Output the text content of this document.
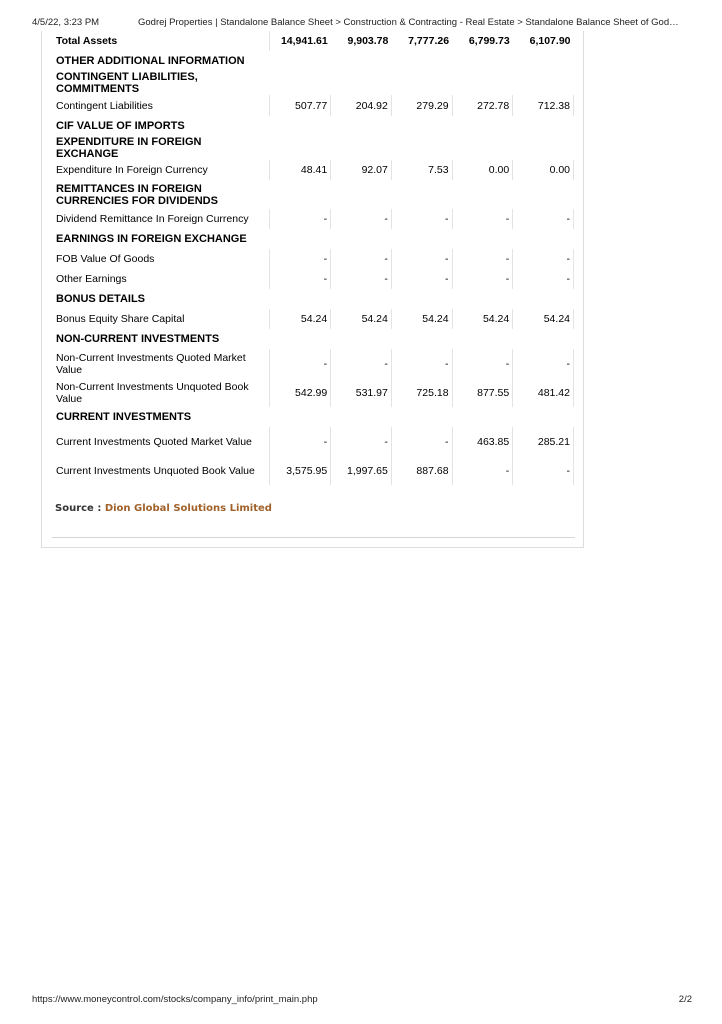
4/5/22, 3:23 PM	Godrej Properties | Standalone Balance Sheet > Construction & Contracting - Real Estate > Standalone Balance Sheet of God…
Total Assets	14,941.61	9,903.78	7,777.26	6,799.73	6,107.90
OTHER ADDITIONAL INFORMATION					
CONTINGENT LIABILITIES, COMMITMENTS					
Contingent Liabilities	507.77	204.92	279.29	272.78	712.38
CIF VALUE OF IMPORTS					
EXPENDITURE IN FOREIGN EXCHANGE					
Expenditure In Foreign Currency	48.41	92.07	7.53	0.00	0.00
REMITTANCES IN FOREIGN CURRENCIES FOR DIVIDENDS					
Dividend Remittance In Foreign Currency	-	-	-	-	-
EARNINGS IN FOREIGN EXCHANGE					
FOB Value Of Goods	-	-	-	-	-
Other Earnings	-	-	-	-	-
BONUS DETAILS					
Bonus Equity Share Capital	54.24	54.24	54.24	54.24	54.24
NON-CURRENT INVESTMENTS					
Non-Current Investments Quoted Market Value	-	-	-	-	-
Non-Current Investments Unquoted Book Value	542.99	531.97	725.18	877.55	481.42
CURRENT INVESTMENTS					
Current Investments Quoted Market Value	-	-	-	463.85	285.21
Current Investments Unquoted Book Value	3,575.95	1,997.65	887.68	-	-
Source : Dion Global Solutions Limited
https://www.moneycontrol.com/stocks/company_info/print_main.php	2/2
